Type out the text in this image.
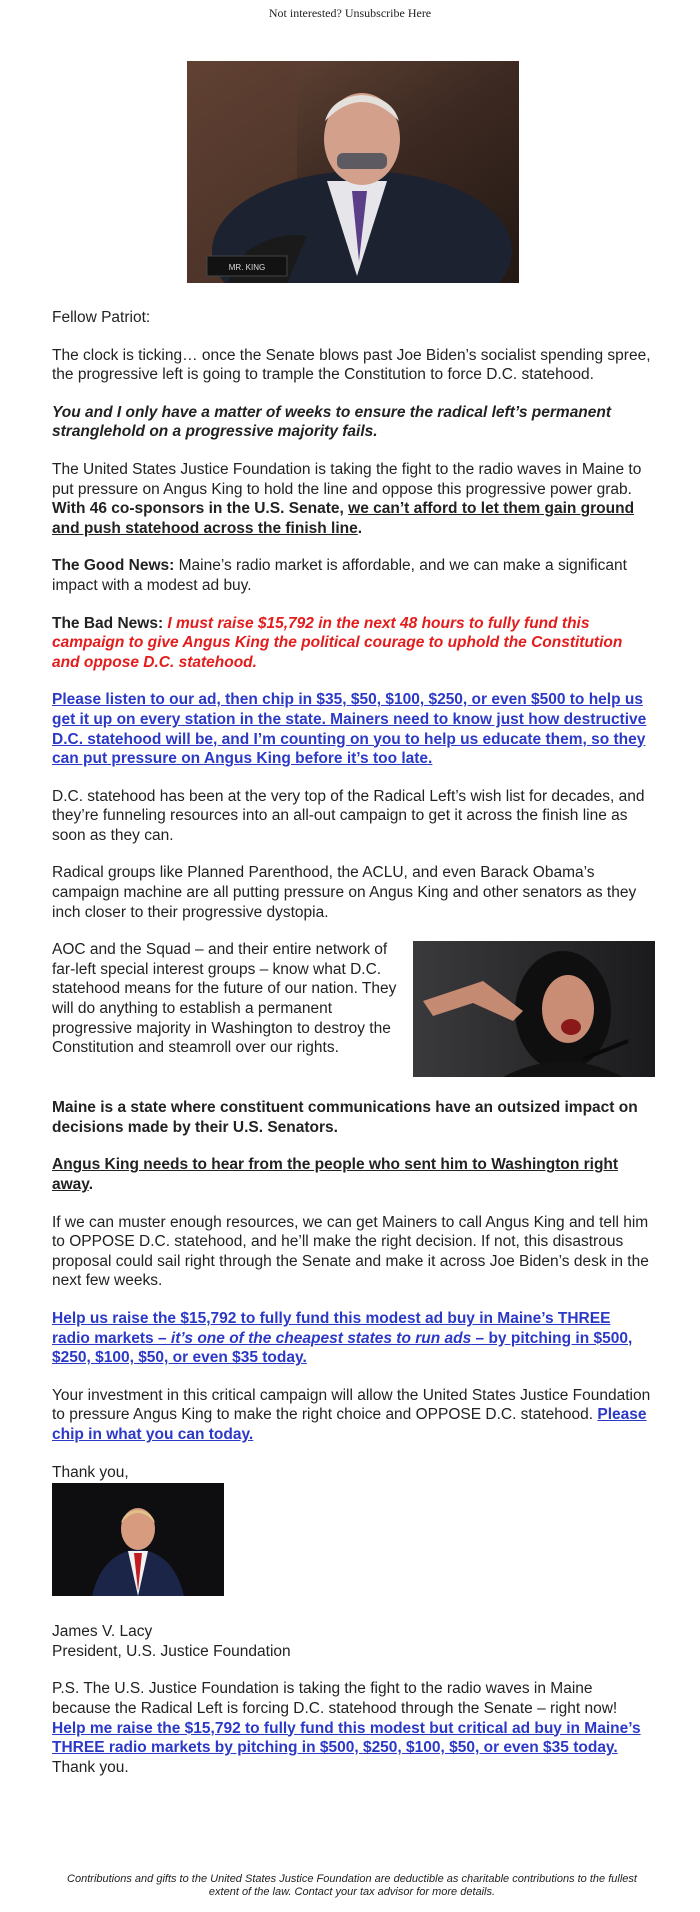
Not interested? Unsubscribe Here
MR. KING

Fellow Patriot:

The clock is ticking… once the Senate blows past Joe Biden’s socialist spending spree, the progressive left is going to trample the Constitution to force D.C. statehood.

You and I only have a matter of weeks to ensure the radical left’s permanent stranglehold on a progressive majority fails.

The United States Justice Foundation is taking the fight to the radio waves in Maine to put pressure on Angus King to hold the line and oppose this progressive power grab. With 46 co-sponsors in the U.S. Senate, we can’t afford to let them gain ground and push statehood across the finish line.

The Good News: Maine’s radio market is affordable, and we can make a significant impact with a modest ad buy.

The Bad News: I must raise $15,792 in the next 48 hours to fully fund this campaign to give Angus King the political courage to uphold the Constitution and oppose D.C. statehood.

Please listen to our ad, then chip in $35, $50, $100, $250, or even $500 to help us get it up on every station in the state. Mainers need to know just how destructive D.C. statehood will be, and I’m counting on you to help us educate them, so they can put pressure on Angus King before it’s too late.

D.C. statehood has been at the very top of the Radical Left’s wish list for decades, and they’re funneling resources into an all-out campaign to get it across the finish line as soon as they can.

Radical groups like Planned Parenthood, the ACLU, and even Barack Obama’s campaign machine are all putting pressure on Angus King and other senators as they inch closer to their progressive dystopia.

AOC and the Squad – and their entire network of far-left special interest groups – know what D.C. statehood means for the future of our nation. They will do anything to establish a permanent progressive majority in Washington to destroy the Constitution and steamroll over our rights.

Maine is a state where constituent communications have an outsized impact on decisions made by their U.S. Senators.

Angus King needs to hear from the people who sent him to Washington right away.

If we can muster enough resources, we can get Mainers to call Angus King and tell him to OPPOSE D.C. statehood, and he’ll make the right decision. If not, this disastrous proposal could sail right through the Senate and make it across Joe Biden’s desk in the next few weeks.

Help us raise the $15,792 to fully fund this modest ad buy in Maine’s THREE radio markets – it’s one of the cheapest states to run ads – by pitching in $500, $250, $100, $50, or even $35 today.

Your investment in this critical campaign will allow the United States Justice Foundation to pressure Angus King to make the right choice and OPPOSE D.C. statehood. Please chip in what you can today.

Thank you,
James V. Lacy

President, U.S. Justice Foundation

P.S. The U.S. Justice Foundation is taking the fight to the radio waves in Maine because the Radical Left is forcing D.C. statehood through the Senate – right now! Help me raise the $15,792 to fully fund this modest but critical ad buy in Maine’s THREE radio markets by pitching in $500, $250, $100, $50, or even $35 today. Thank you.

Contributions and gifts to the United States Justice Foundation are deductible as charitable contributions to the fullest extent of the law. Contact your tax advisor for more details.
